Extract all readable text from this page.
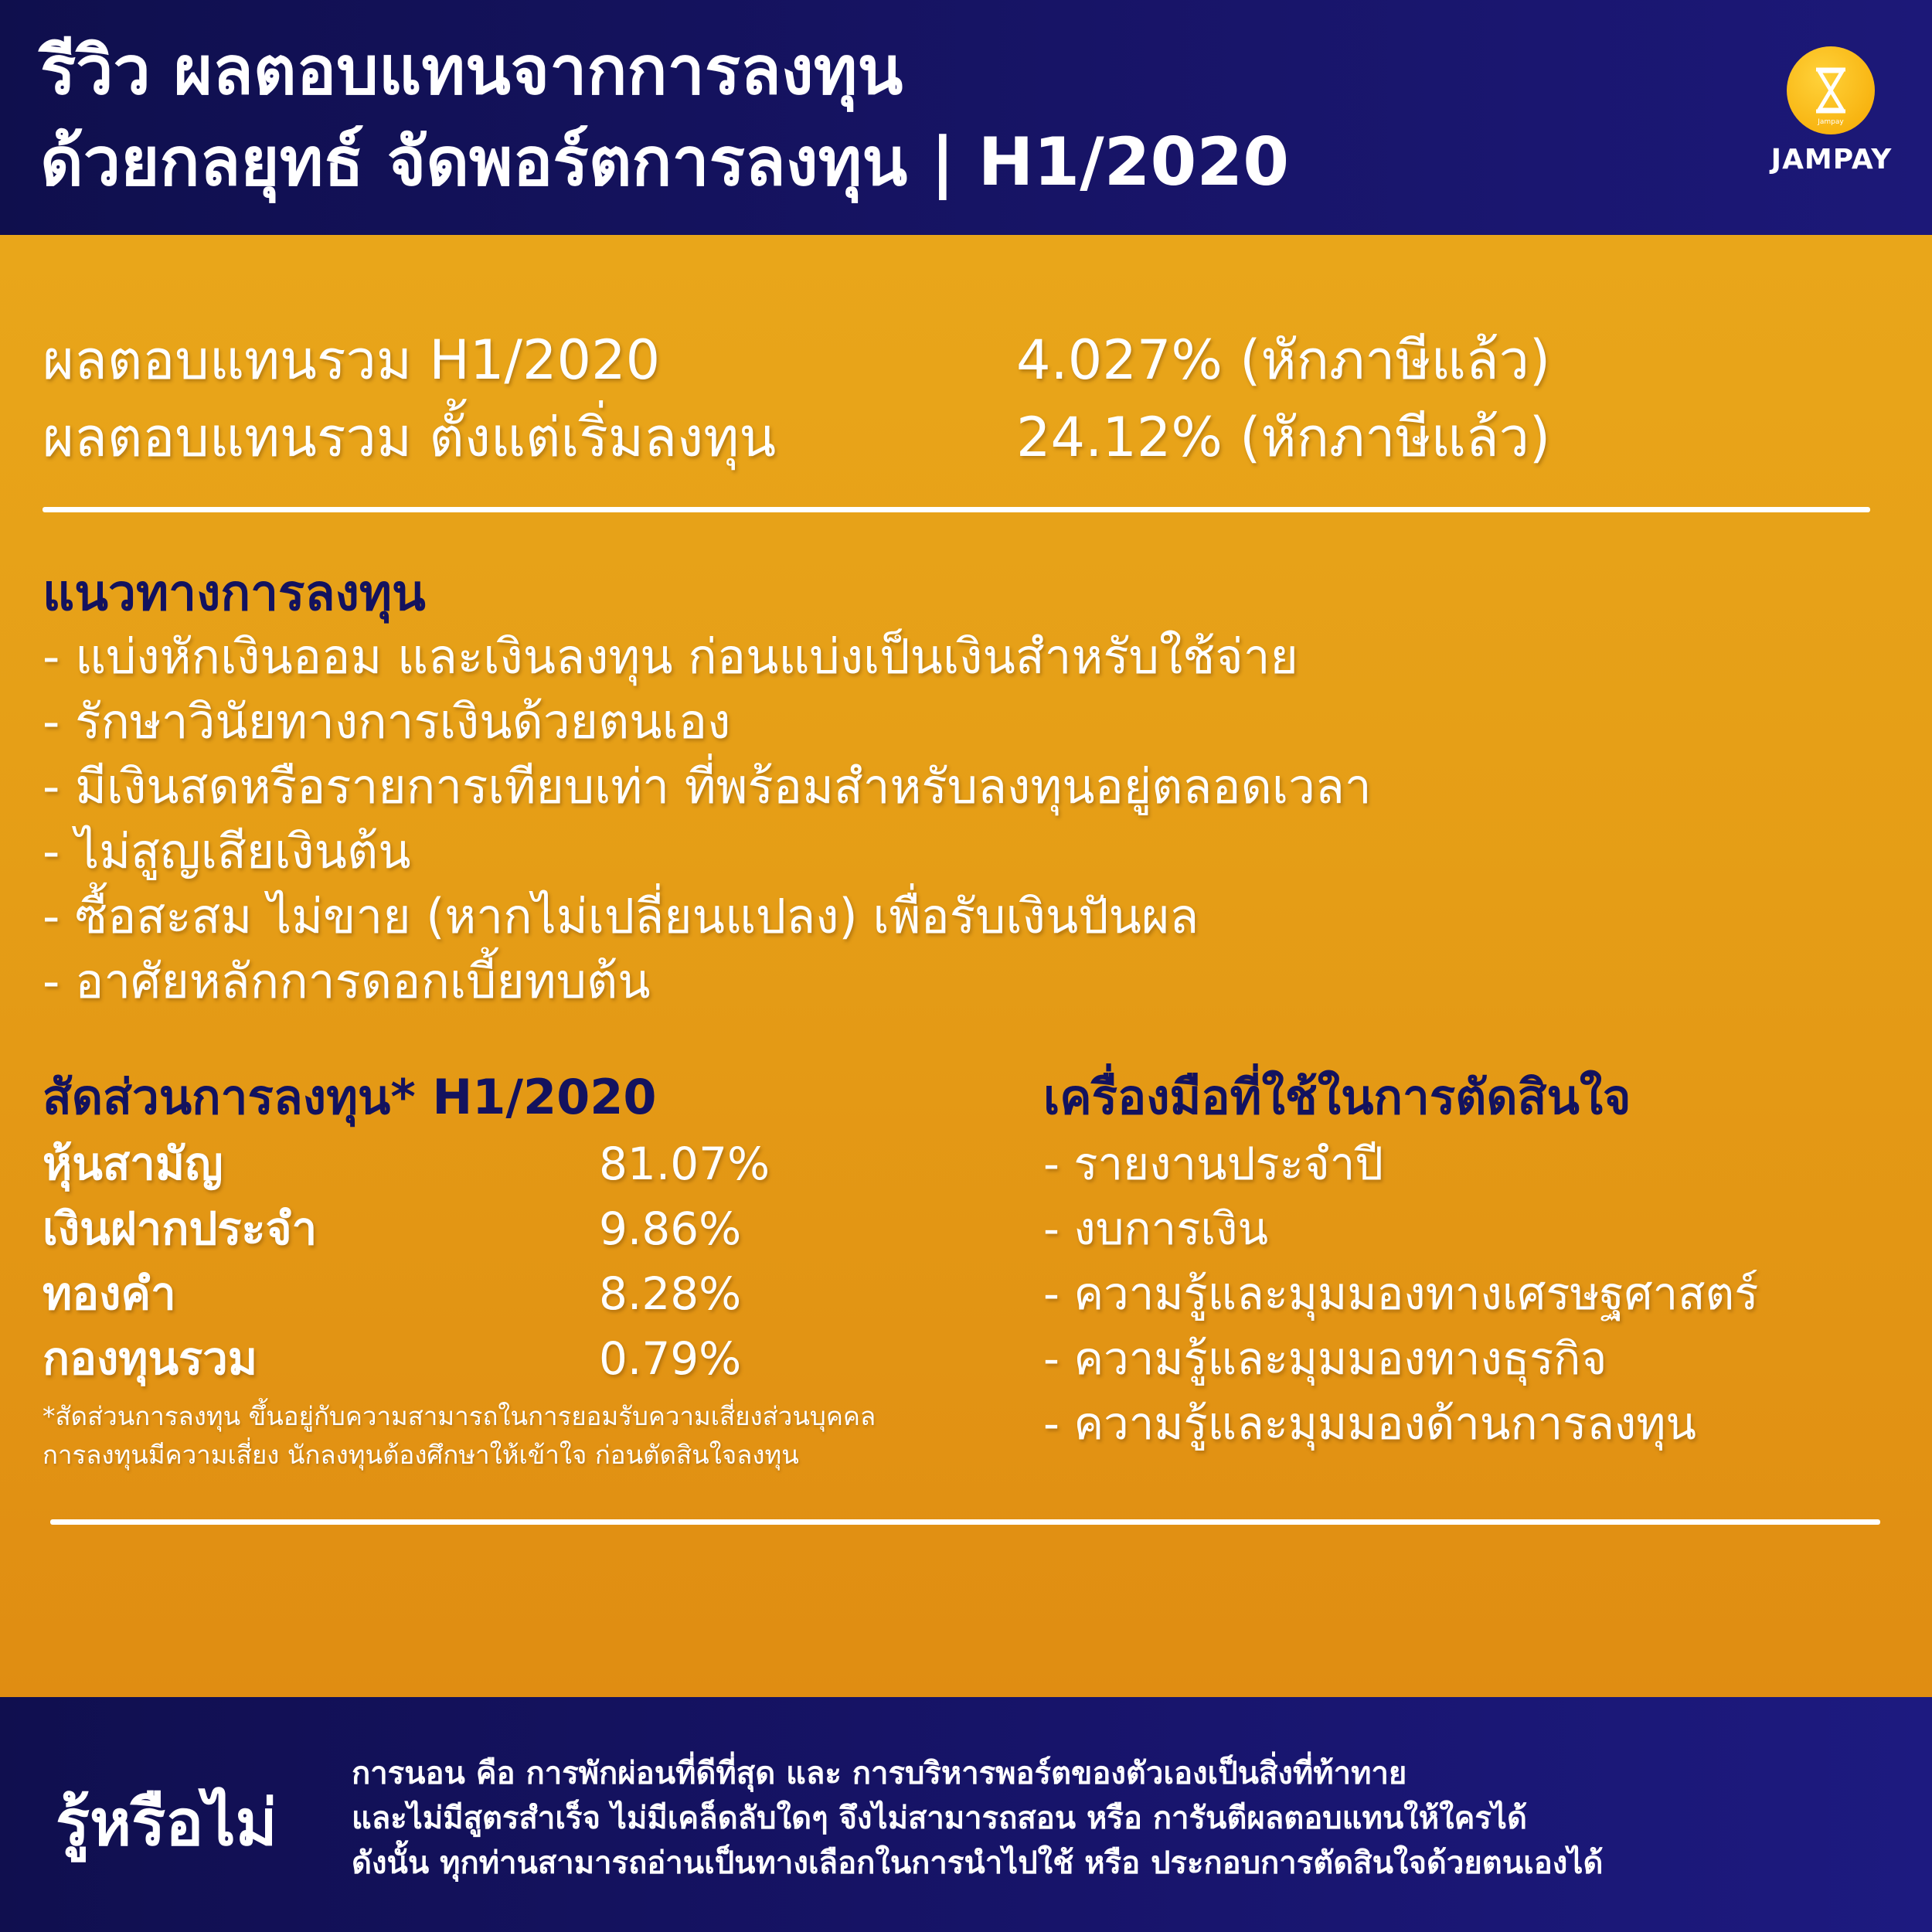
รีวิว ผลตอบแทนจากการลงทุน
ด้วยกลยุทธ์ จัดพอร์ตการลงทุน | H1/2020
Jampay
JAMPAY
ผลตอบแทนรวม H1/2020	4.027% (หักภาษีแล้ว)
ผลตอบแทนรวม ตั้งแต่เริ่มลงทุน	24.12% (หักภาษีแล้ว)
แนวทางการลงทุน
- แบ่งหักเงินออม และเงินลงทุน ก่อนแบ่งเป็นเงินสำหรับใช้จ่าย
- รักษาวินัยทางการเงินด้วยตนเอง
- มีเงินสดหรือรายการเทียบเท่า ที่พร้อมสำหรับลงทุนอยู่ตลอดเวลา
- ไม่สูญเสียเงินต้น
- ซื้อสะสม ไม่ขาย (หากไม่เปลี่ยนแปลง) เพื่อรับเงินปันผล
- อาศัยหลักการดอกเบี้ยทบต้น
สัดส่วนการลงทุน* H1/2020
หุ้นสามัญ	81.07%
เงินฝากประจำ	9.86%
ทองคำ	8.28%
กองทุนรวม	0.79%
*สัดส่วนการลงทุน ขึ้นอยู่กับความสามารถในการยอมรับความเสี่ยงส่วนบุคคล
การลงทุนมีความเสี่ยง นักลงทุนต้องศึกษาให้เข้าใจ ก่อนตัดสินใจลงทุน
เครื่องมือที่ใช้ในการตัดสินใจ
- รายงานประจำปี
- งบการเงิน
- ความรู้และมุมมองทางเศรษฐศาสตร์
- ความรู้และมุมมองทางธุรกิจ
- ความรู้และมุมมองด้านการลงทุน
รู้หรือไม่
การนอน คือ การพักผ่อนที่ดีที่สุด และ การบริหารพอร์ตของตัวเองเป็นสิ่งที่ท้าทาย
และไม่มีสูตรสำเร็จ ไม่มีเคล็ดลับใดๆ จึงไม่สามารถสอน หรือ การันตีผลตอบแทนให้ใครได้
ดังนั้น ทุกท่านสามารถอ่านเป็นทางเลือกในการนำไปใช้ หรือ ประกอบการตัดสินใจด้วยตนเองได้
